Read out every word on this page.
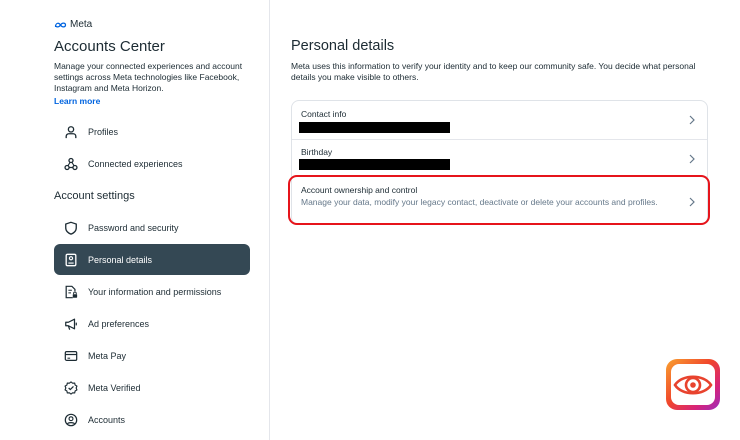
Meta
Accounts Center
Manage your connected experiences and account settings across Meta technologies like Facebook, Instagram and Meta Horizon.
Learn more
Profiles
Connected experiences
Account settings
Password and security
Personal details
Your information and permissions
Ad preferences
Meta Pay
Meta Verified
Accounts
Personal details
Meta uses this information to verify your identity and to keep our community safe. You decide what personal details you make visible to others.
Contact info
Birthday
Account ownership and control
Manage your data, modify your legacy contact, deactivate or delete your accounts and profiles.
